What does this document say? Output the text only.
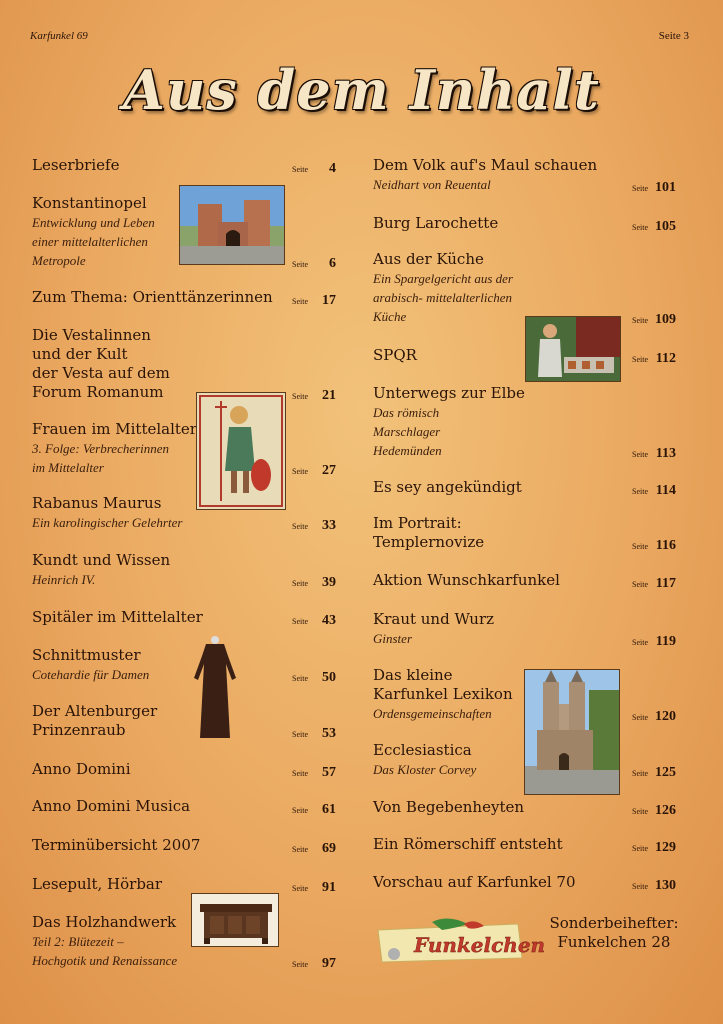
Karfunkel 69	Seite 3
Aus dem Inhalt
Leserbriefe	Seite 4
Konstantinopel
Entwicklung und Leben
einer mittelalterlichen
Metropole	Seite 6
Zum Thema: Orienttänzerinnen Seite 17
Die Vestalinnen
und der Kult
der Vesta auf dem
Forum Romanum	Seite 21
Frauen im Mittelalter
3. Folge: Verbrecherinnen
im Mittelalter	Seite 27
Rabanus Maurus
Ein karolingischer Gelehrter	Seite 33
Kundt und Wissen
Heinrich IV.	Seite 39
Spitäler im Mittelalter	Seite 43
Schnittmuster
Cotehardie für Damen	Seite 50
Der Altenburger
Prinzenraub	Seite 53
Anno Domini	Seite 57
Anno Domini Musica	Seite 61
Terminübersicht 2007	Seite 69
Lesepult, Hörbar	Seite 91
Das Holzhandwerk
Teil 2: Blütezeit –
Hochgotik und Renaissance	Seite 97
Dem Volk auf's Maul schauen
Neidhart von Reuental	Seite 101
Burg Larochette	Seite 105
Aus der Küche
Ein Spargelgericht aus der
arabisch- mittelalterlichen
Küche	Seite 109
SPQR	Seite 112
Unterwegs zur Elbe
Das römisch
Marschlager
Hedemünden	Seite 113
Es sey angekündigt	Seite 114
Im Portrait:
Templernovize	Seite 116
Aktion Wunschkarfunkel	Seite 117
Kraut und Wurz
Ginster	Seite 119
Das kleine
Karfunkel Lexikon
Ordensgemeinschaften	Seite 120
Ecclesiastica
Das Kloster Corvey	Seite 125
Von Begebenheyten	Seite 126
Ein Römerschiff entsteht	Seite 129
Vorschau auf Karfunkel 70	Seite 130
Funkelchen
Sonderbeihefter:
Funkelchen 28
